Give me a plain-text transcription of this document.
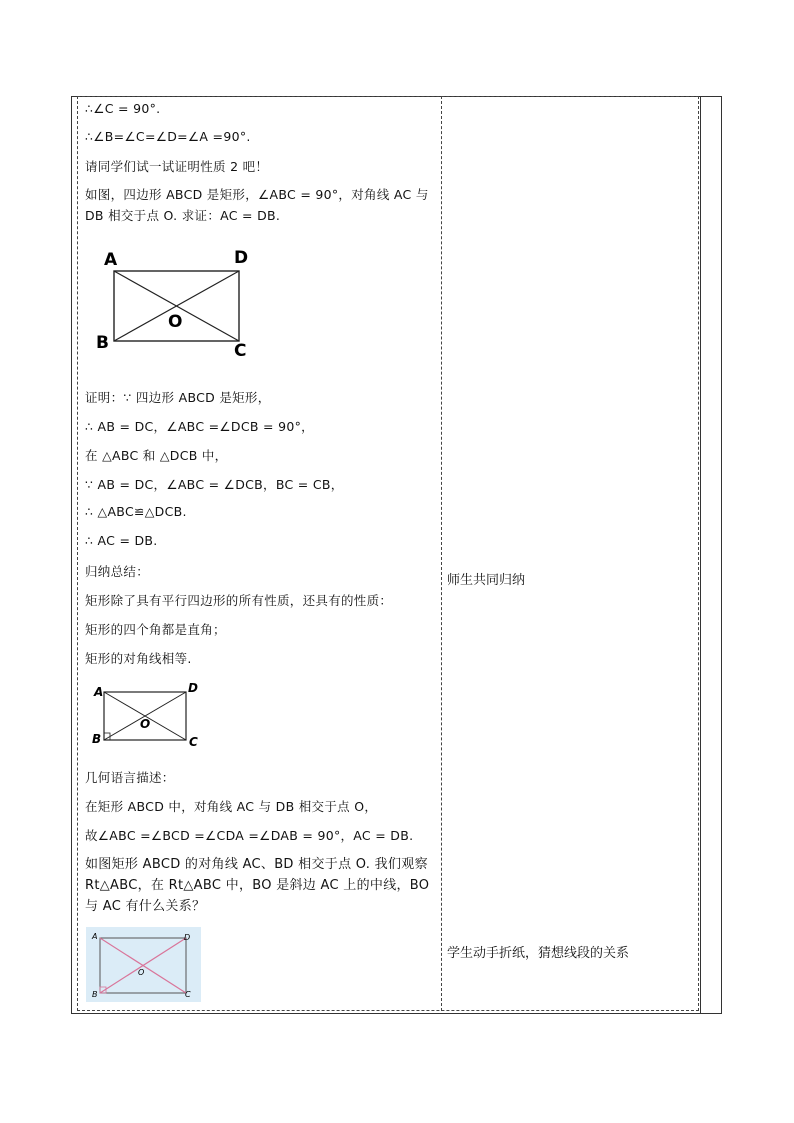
∴∠C = 90°.
∴∠B=∠C=∠D=∠A =90°.
请同学们试一试证明性质 2 吧！
如图，四边形 ABCD 是矩形，∠ABC = 90°，对角线 AC 与 DB 相交于点 O. 求证：AC = DB.
A	D
B	C
O
证明：∵ 四边形 ABCD 是矩形，
∴ AB = DC，∠ABC =∠DCB = 90°，
在 △ABC 和 △DCB 中，
∵ AB = DC，∠ABC = ∠DCB，BC = CB，
∴ △ABC≌△DCB.
∴ AC = DB.
归纳总结：
矩形除了具有平行四边形的所有性质，还具有的性质：
矩形的四个角都是直角；
矩形的对角线相等.
A	D
B	C
O
几何语言描述：
在矩形 ABCD 中，对角线 AC 与 DB 相交于点 O，
故∠ABC =∠BCD =∠CDA =∠DAB = 90°，AC = DB.
如图矩形 ABCD 的对角线 AC、BD 相交于点 O. 我们观察 Rt△ABC，在 Rt△ABC 中，BO 是斜边 AC 上的中线，BO 与 AC 有什么关系？
A	D
B	C
O
师生共同归纳
学生动手折纸，猜想线段的关系
